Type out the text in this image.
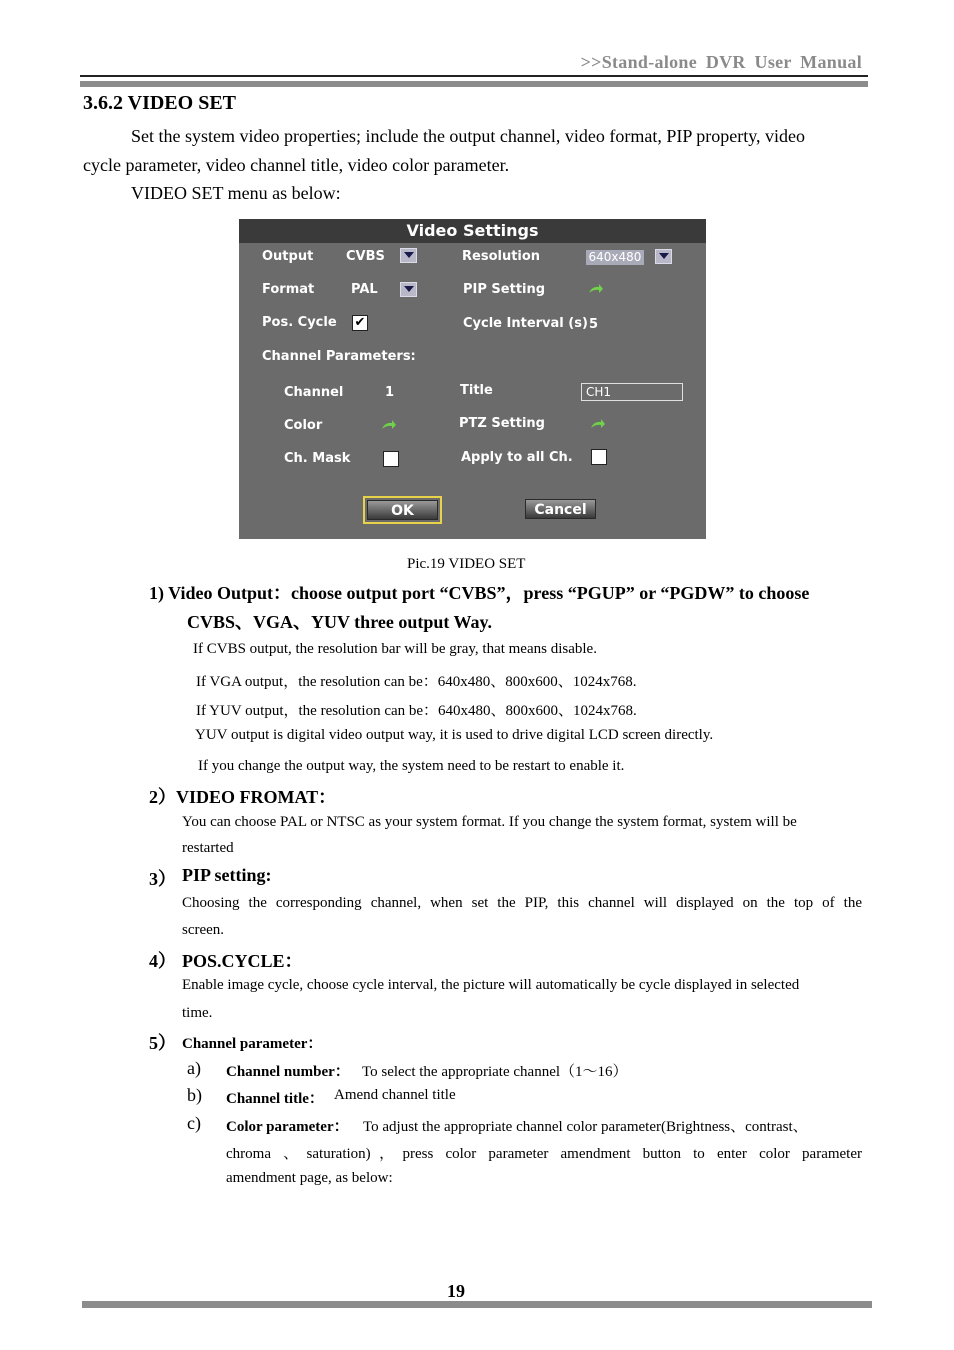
>>Stand-alone DVR User Manual
3.6.2 VIDEO SET
Set the system video properties; include the output channel, video format, PIP property, video
cycle parameter, video channel title, video color parameter.
VIDEO SET menu as below:
Video Settings
Output	CVBS	Resolution	640x480
Format	PAL	PIP Setting
Pos. Cycle ✔	Cycle Interval (s) 5
Channel Parameters:
Channel	1	Title	CH1
Color	PTZ Setting
Ch. Mask	Apply to all Ch.
OK	Cancel
Pic.19 VIDEO SET
1) Video Output：choose output port “CVBS”，press “PGUP” or “PGDW” to choose
CVBS、VGA、YUV three output Way.
If CVBS output, the resolution bar will be gray, that means disable.
If VGA output，the resolution can be：640x480、800x600、1024x768.
If YUV output，the resolution can be：640x480、800x600、1024x768.
YUV output is digital video output way, it is used to drive digital LCD screen directly.
If you change the output way, the system need to be restart to enable it.
2）VIDEO FROMAT：
You can choose PAL or NTSC as your system format. If you change the system format, system will be
restarted
3） PIP setting:
Choosing the corresponding channel, when set the PIP, this channel will displayed on the top of the
screen.
4） POS.CYCLE：
Enable image cycle, choose cycle interval, the picture will automatically be cycle displayed in selected
time.
5） Channel parameter：
a) Channel number： To select the appropriate channel（1～16）
b) Channel title： Amend channel title
c) Color parameter： To adjust the appropriate channel color parameter(Brightness、contrast、
chroma 、saturation)，press color parameter amendment button to enter color parameter
amendment page, as below:
19
